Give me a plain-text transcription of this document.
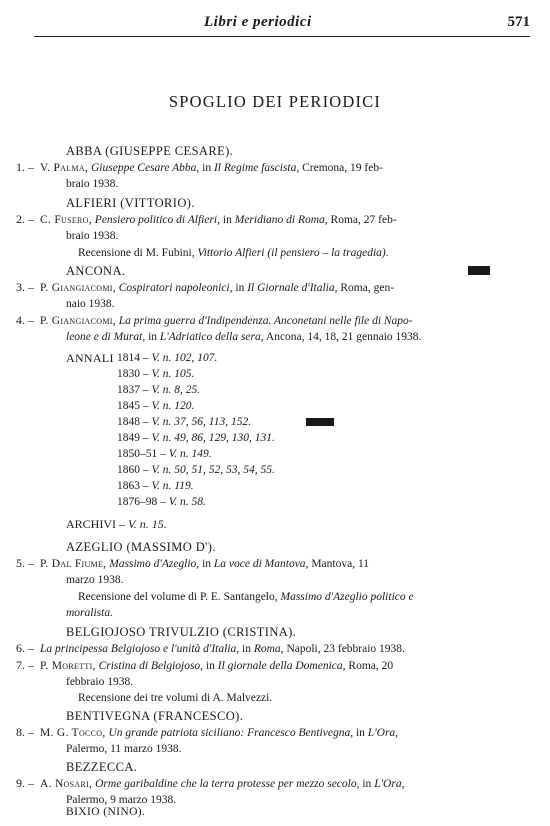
Libri e periodici	571
SPOGLIO DEI PERIODICI
ABBA (GIUSEPPE CESARE).
1. – V. Palma, Giuseppe Cesare Abba, in Il Regime fascista, Cremona, 19 feb-
braio 1938.
ALFIERI (VITTORIO).
2. – C. Fusero, Pensiero politico di Alfieri, in Meridiano di Roma, Roma, 27 feb-
braio 1938.
Recensione di M. Fubini, Vittorio Alfieri (il pensiero – la tragedia).
ANCONA.
3. – P. Giangiacomi, Cospiratori napoleonici, in Il Giornale d'Italia, Roma, gen-
naio 1938.
4. – P. Giangiacomi, La prima guerra d'Indipendenza. Anconetani nelle file di Napo-
leone e di Murat, in L'Adriatico della sera, Ancona, 14, 18, 21 gennaio 1938.
ANNALI 1814 – V. n. 102, 107.
1830 – V. n. 105.
1837 – V. n. 8, 25.
1845 – V. n. 120.
1848 – V. n. 37, 56, 113, 152.
1849 – V. n. 49, 86, 129, 130, 131.
1850–51 – V. n. 149.
1860 – V. n. 50, 51, 52, 53, 54, 55.
1863 – V. n. 119.
1876–98 – V. n. 58.
ARCHIVI – V. n. 15.
AZEGLIO (MASSIMO D').
5. – P. Dal Fiume, Massimo d'Azeglio, in La voce di Mantova, Mantova, 11
marzo 1938.
Recensione del volume di P. E. Santangelo, Massimo d'Azeglio politico e
moralista.
BELGIOJOSO TRIVULZIO (CRISTINA).
6. – La principessa Belgiojoso e l'unità d'Italia, in Roma, Napoli, 23 febbraio 1938.
7. – P. Moretti, Cristina di Belgiojoso, in Il giornale della Domenica, Roma, 20
febbraio 1938.
Recensione dei tre volumi di A. Malvezzi.
BENTIVEGNA (FRANCESCO).
8. – M. G. Tocco, Un grande patriota siciliano: Francesco Bentivegna, in L'Ora,
Palermo, 11 marzo 1938.
BEZZECCA.
9. – A. Nosari, Orme garibaldine che la terra protesse per mezzo secolo, in L'Ora,
Palermo, 9 marzo 1938.
BIXIO (NINO).
